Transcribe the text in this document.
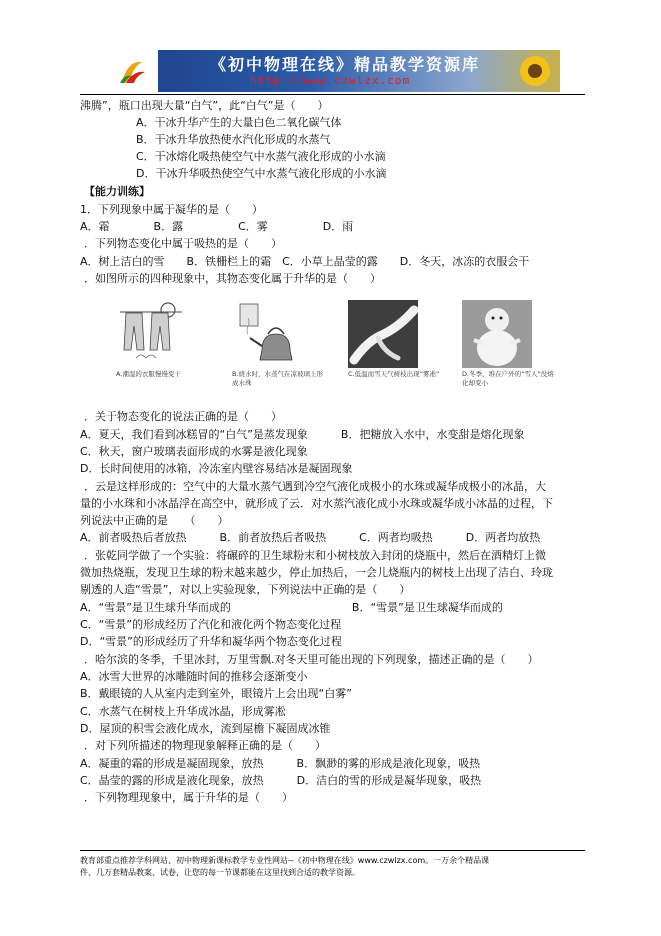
《初中物理在线》精品教学资源库
http://www.czwlzx.com
沸腾”，瓶口出现大量“白气”，此“白气”是（　　）
A．干冰升华产生的大量白色二氧化碳气体
B．干冰升华放热使水汽化形成的水蒸气
C．干冰熔化吸热使空气中水蒸气液化形成的小水滴
D．干冰升华吸热使空气中水蒸气液化形成的小水滴
【能力训练】
1．下列现象中属于凝华的是（　　）
A．霜　　　　B．露　　　　　C．雾　　　　　D．雨
．下列物态变化中属于吸热的是（　　）
A．树上洁白的雪　　B．铁栅栏上的霜　C．小草上晶莹的露　　D．冬天，冰冻的衣服会干
．如图所示的四种现象中，其物态变化属于升华的是（　　）
A.潮湿的衣服慢慢变干	B.烧水时，水蒸气在凉玻璃上形成水珠
C.低温而雪天气树枝出现“雾凇”	D.冬季，堆在户外的“雪人”没熔化却变小
．关于物态变化的说法正确的是（　　）
A．夏天，我们看到冰糕冒的“白气”是蒸发现象　　　B．把糖放入水中，水变甜是熔化现象
C．秋天，窗户玻璃表面形成的水雾是液化现象
D．长时间使用的冰箱，冷冻室内壁容易结冰是凝固现象
．云是这样形成的：空气中的大量水蒸气遇到冷空气液化成极小的水珠或凝华成极小的冰晶，大
量的小水珠和小冰晶浮在高空中，就形成了云．对水蒸汽液化成小水珠或凝华成小冰晶的过程，下
列说法中正确的是　　（　　）
A．前者吸热后者放热　　　B．前者放热后者吸热　　　C．两者均吸热　　　D．两者均放热
．张乾同学做了一个实验：将碾碎的卫生球粉末和小树枝放入封闭的烧瓶中，然后在酒精灯上微
微加热烧瓶，发现卫生球的粉末越来越少，停止加热后，一会儿烧瓶内的树枝上出现了洁白、玲珑
剔透的人造“雪景”，对以上实验现象，下列说法中正确的是（　　）
A．“雪景”是卫生球升华而成的　　　　　　　　　　　B．“雪景”是卫生球凝华而成的
C．“雪景”的形成经历了汽化和液化两个物态变化过程
D．“雪景”的形成经历了升华和凝华两个物态变化过程
．哈尔滨的冬季，千里冰封，万里雪飘.对冬天里可能出现的下列现象，描述正确的是（　　）
A．冰雪大世界的冰雕随时间的推移会逐渐变小
B．戴眼镜的人从室内走到室外，眼镜片上会出现“白雾”
C．水蒸气在树枝上升华成冰晶，形成雾凇
D．屋顶的积雪会液化成水，流到屋檐下凝固成冰锥
．对下列所描述的物理现象解释正确的是（　　）
A．凝重的霜的形成是凝固现象，放热　　　B．飘渺的雾的形成是液化现象，吸热
C．晶莹的露的形成是液化现象，放热　　　D．洁白的雪的形成是凝华现象，吸热
．下列物理现象中，属于升华的是（　　）
教育部重点推荐学科网站、初中物理新课标教学专业性网站--《初中物理在线》www.czwlzx.com。一万余个精品课
件、几万套精品教案、试卷，让您的每一节课都能在这里找到合适的教学资源。
